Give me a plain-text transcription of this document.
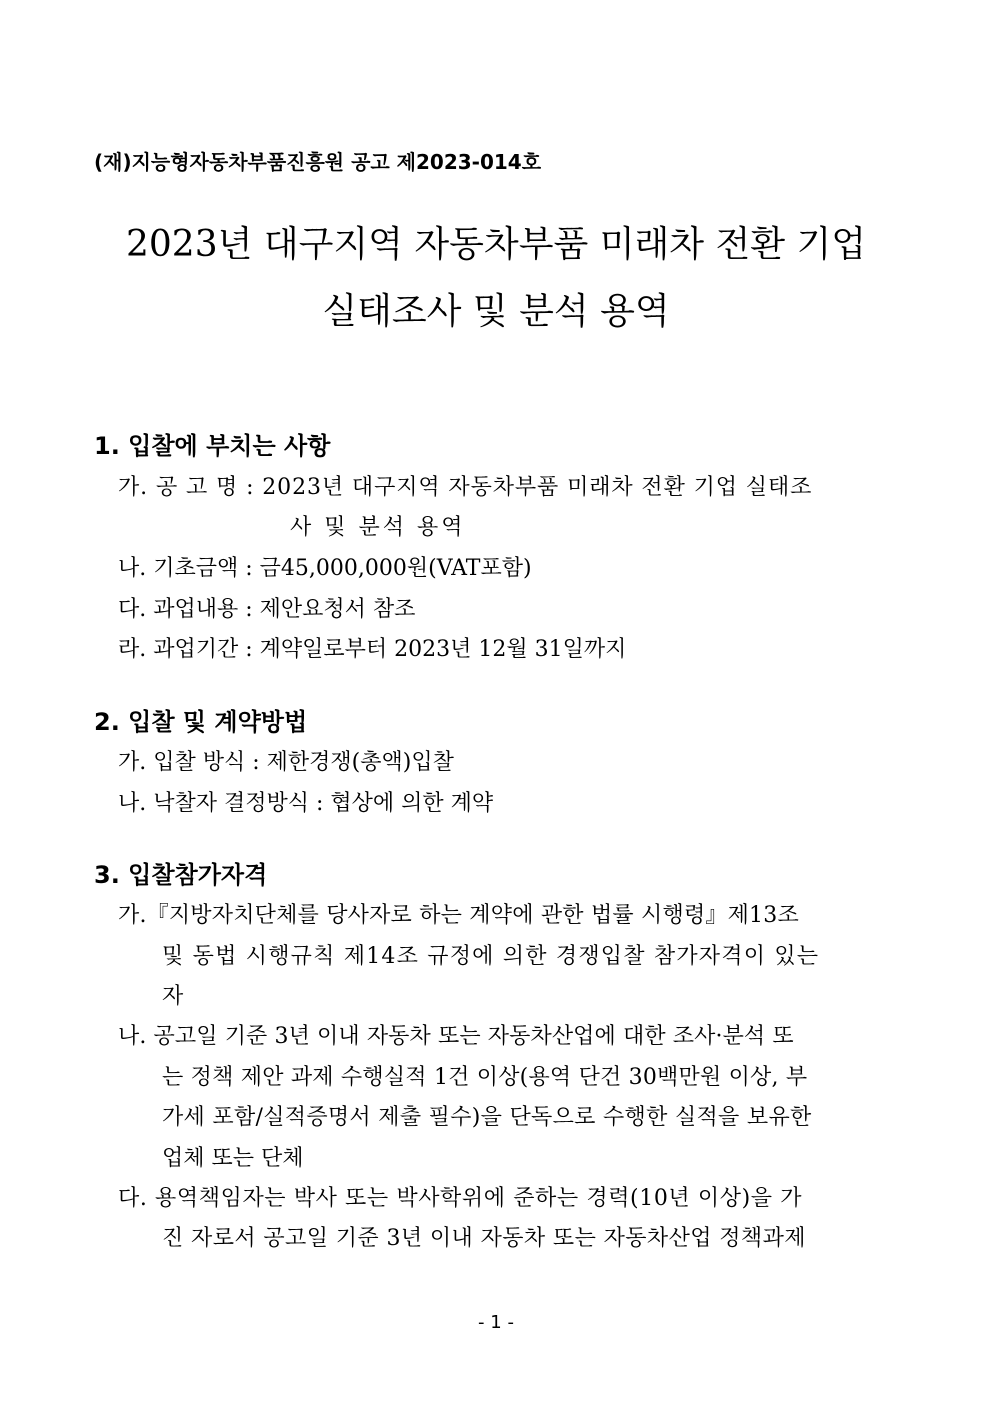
(재)지능형자동차부품진흥원 공고 제2023-014호
2023년 대구지역 자동차부품 미래차 전환 기업
실태조사 및 분석 용역
1. 입찰에 부치는 사항
가. 공 고 명 : 2023년 대구지역 자동차부품 미래차 전환 기업 실태조
사 및 분석 용역
나. 기초금액 : 금45,000,000원(VAT포함)
다. 과업내용 : 제안요청서 참조
라. 과업기간 : 계약일로부터 2023년 12월 31일까지
2. 입찰 및 계약방법
가. 입찰 방식 : 제한경쟁(총액)입찰
나. 낙찰자 결정방식 : 협상에 의한 계약
3. 입찰참가자격
가.『지방자치단체를 당사자로 하는 계약에 관한 법률 시행령』제13조
및 동법 시행규칙 제14조 규정에 의한 경쟁입찰 참가자격이 있는
자
나. 공고일 기준 3년 이내 자동차 또는 자동차산업에 대한 조사·분석 또
는 정책 제안 과제 수행실적 1건 이상(용역 단건 30백만원 이상, 부
가세 포함/실적증명서 제출 필수)을 단독으로 수행한 실적을 보유한
업체 또는 단체
다. 용역책임자는 박사 또는 박사학위에 준하는 경력(10년 이상)을 가
진 자로서 공고일 기준 3년 이내 자동차 또는 자동차산업 정책과제
- 1 -
